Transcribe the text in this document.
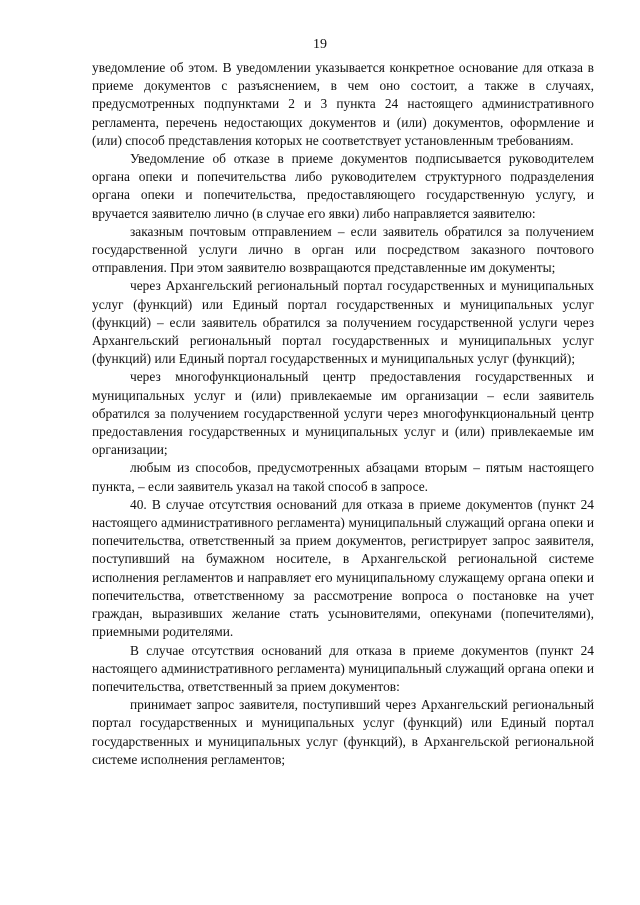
19

уведомление об этом. В уведомлении указывается конкретное основание для отказа в приеме документов с разъяснением, в чем оно состоит, а также в случаях, предусмотренных подпунктами 2 и 3 пункта 24 настоящего административного регламента, перечень недостающих документов и (или) документов, оформление и (или) способ представления которых не соответствует установленным требованиям.

Уведомление об отказе в приеме документов подписывается руководителем органа опеки и попечительства либо руководителем структурного подразделения органа опеки и попечительства, предоставляющего государственную услугу, и вручается заявителю лично (в случае его явки) либо направляется заявителю:

заказным почтовым отправлением – если заявитель обратился за получением государственной услуги лично в орган или посредством заказного почтового отправления. При этом заявителю возвращаются представленные им документы;

через Архангельский региональный портал государственных и муниципальных услуг (функций) или Единый портал государственных и муниципальных услуг (функций) – если заявитель обратился за получением государственной услуги через Архангельский региональный портал государственных и муниципальных услуг (функций) или Единый портал государственных и муниципальных услуг (функций);

через многофункциональный центр предоставления государственных и муниципальных услуг и (или) привлекаемые им организации – если заявитель обратился за получением государственной услуги через многофункциональный центр предоставления государственных и муниципальных услуг и (или) привлекаемые им организации;

любым из способов, предусмотренных абзацами вторым – пятым настоящего пункта, – если заявитель указал на такой способ в запросе.

40. В случае отсутствия оснований для отказа в приеме документов (пункт 24 настоящего административного регламента) муниципальный служащий органа опеки и попечительства, ответственный за прием документов, регистрирует запрос заявителя, поступивший на бумажном носителе, в Архангельской региональной системе исполнения регламентов и направляет его муниципальному служащему органа опеки и попечительства, ответственному за рассмотрение вопроса о постановке на учет граждан, выразивших желание стать усыновителями, опекунами (попечителями), приемными родителями.

В случае отсутствия оснований для отказа в приеме документов (пункт 24 настоящего административного регламента) муниципальный служащий органа опеки и попечительства, ответственный за прием документов:

принимает запрос заявителя, поступивший через Архангельский региональный портал государственных и муниципальных услуг (функций) или Единый портал государственных и муниципальных услуг (функций), в Архангельской региональной системе исполнения регламентов;
